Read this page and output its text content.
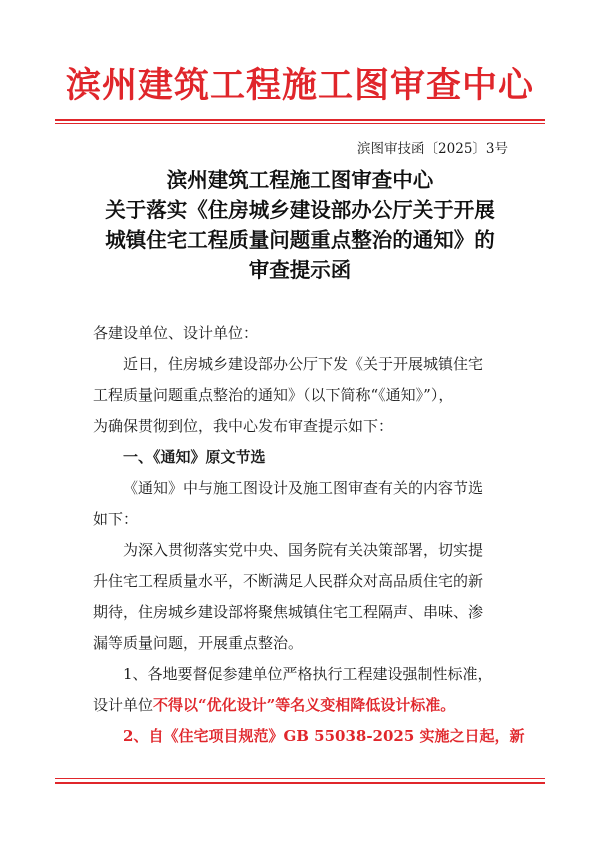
滨州建筑工程施工图审查中心
滨图审技函〔2025〕3号
滨州建筑工程施工图审查中心
关于落实《住房城乡建设部办公厅关于开展
城镇住宅工程质量问题重点整治的通知》的
审查提示函

各建设单位、设计单位：

近日，住房城乡建设部办公厅下发《关于开展城镇住宅

工程质量问题重点整治的通知》（以下简称“《通知》”），

为确保贯彻到位，我中心发布审查提示如下：

一、《通知》原文节选

《通知》中与施工图设计及施工图审查有关的内容节选

如下：

为深入贯彻落实党中央、国务院有关决策部署，切实提

升住宅工程质量水平，不断满足人民群众对高品质住宅的新

期待，住房城乡建设部将聚焦城镇住宅工程隔声、串味、渗

漏等质量问题，开展重点整治。

1、各地要督促参建单位严格执行工程建设强制性标准，

设计单位不得以“优化设计”等名义变相降低设计标准。

2、自《住宅项目规范》GB 55038-2025 实施之日起，新
